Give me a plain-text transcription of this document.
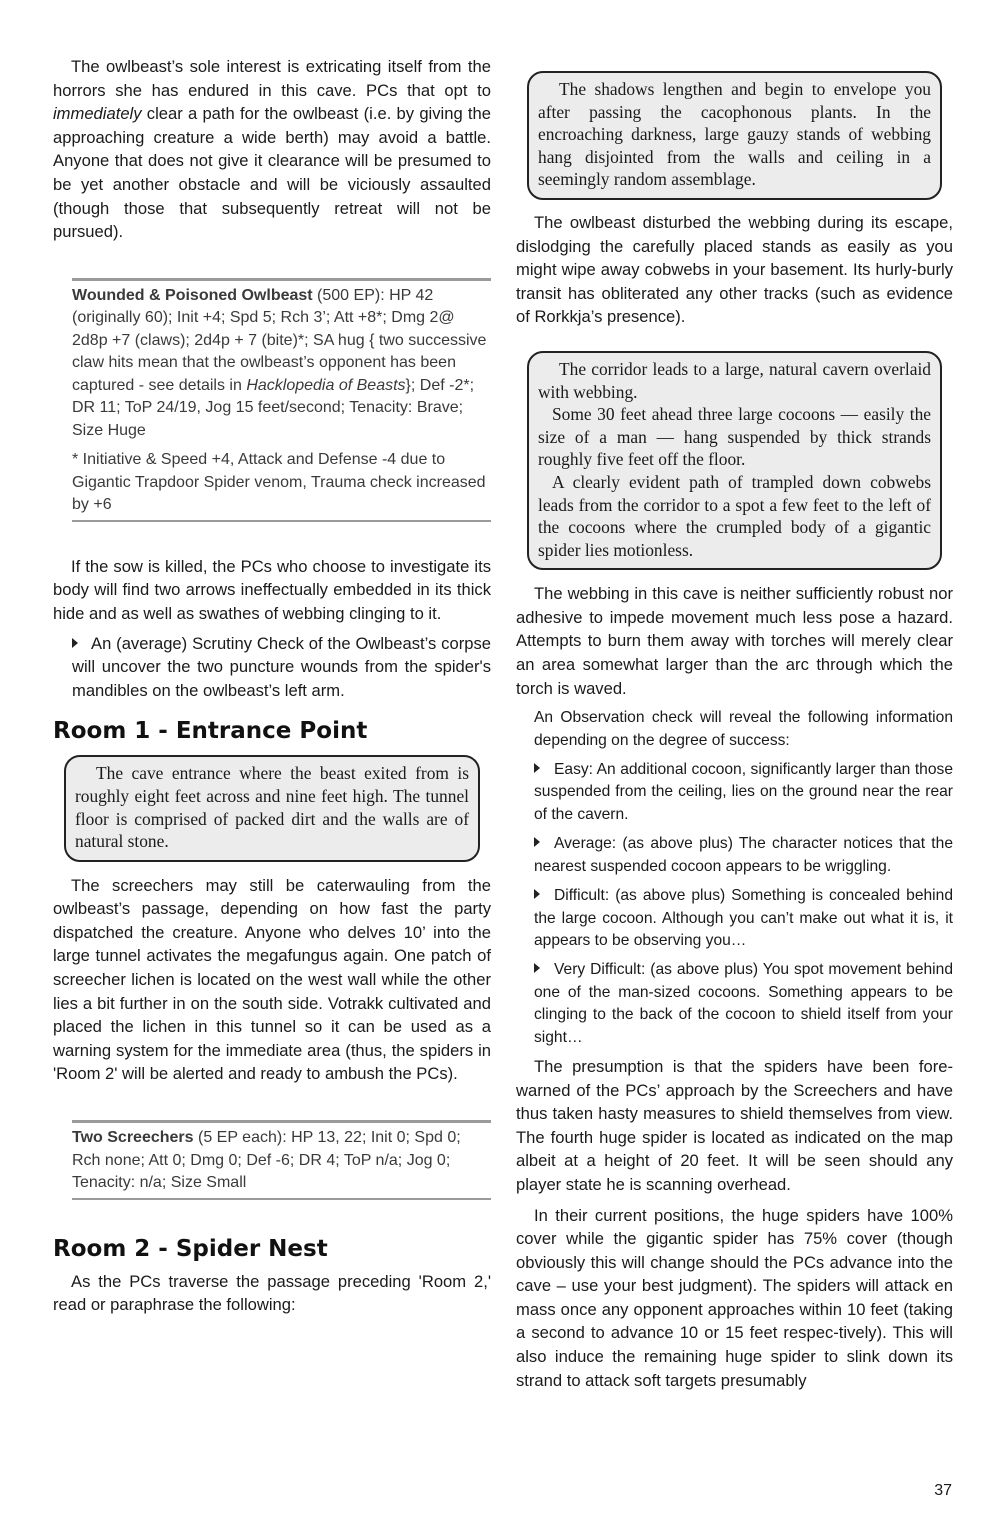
The owlbeast’s sole interest is extricating itself from the horrors she has endured in this cave. PCs that opt to immediately clear a path for the owlbeast (i.e. by giving the approaching creature a wide berth) may avoid a battle. Anyone that does not give it clearance will be presumed to be yet another obstacle and will be viciously assaulted (though those that subsequently retreat will not be pursued).

Wounded & Poisoned Owlbeast (500 EP): HP 42 (originally 60); Init +4; Spd 5; Rch 3’; Att +8*; Dmg 2@ 2d8p +7 (claws); 2d4p + 7 (bite)*; SA hug { two successive claw hits mean that the owlbeast’s opponent has been captured - see details in Hacklopedia of Beasts}; Def -2*; DR 11; ToP 24/19, Jog 15 feet/second; Tenacity: Brave; Size Huge

* Initiative & Speed +4, Attack and Defense -4 due to Gigantic Trapdoor Spider venom, Trauma check increased by +6

If the sow is killed, the PCs who choose to investigate its body will find two arrows ineffectually embedded in its thick hide and as well as swathes of webbing clinging to it.

An (average) Scrutiny Check of the Owlbeast’s corpse will uncover the two puncture wounds from the spider's mandibles on the owlbeast’s left arm.

Room 1 - Entrance Point

The cave entrance where the beast exited from is roughly eight feet across and nine feet high. The tunnel floor is comprised of packed dirt and the walls are of natural stone.

The screechers may still be caterwauling from the owlbeast’s passage, depending on how fast the party dispatched the creature. Anyone who delves 10’ into the large tunnel activates the megafungus again. One patch of screecher lichen is located on the west wall while the other lies a bit further in on the south side. Votrakk cultivated and placed the lichen in this tunnel so it can be used as a warning system for the immediate area (thus, the spiders in 'Room 2' will be alerted and ready to ambush the PCs).

Two Screechers (5 EP each): HP 13, 22; Init 0; Spd 0; Rch none; Att 0; Dmg 0; Def -6; DR 4; ToP n/a; Jog 0; Tenacity: n/a; Size Small

Room 2 - Spider Nest

As the PCs traverse the passage preceding 'Room 2,' read or paraphrase the following:

The shadows lengthen and begin to envelope you after passing the cacophonous plants. In the encroaching darkness, large gauzy stands of webbing hang disjointed from the walls and ceiling in a seemingly random assemblage.

The owlbeast disturbed the webbing during its escape, dislodging the carefully placed stands as easily as you might wipe away cobwebs in your basement. Its hurly-burly transit has obliterated any other tracks (such as evidence of Rorkkja’s presence).

The corridor leads to a large, natural cavern overlaid with webbing.

Some 30 feet ahead three large cocoons — easily the size of a man — hang suspended by thick strands roughly five feet off the floor.

A clearly evident path of trampled down cobwebs leads from the corridor to a spot a few feet to the left of the cocoons where the crumpled body of a gigantic spider lies motionless.

The webbing in this cave is neither sufficiently robust nor adhesive to impede movement much less pose a hazard. Attempts to burn them away with torches will merely clear an area somewhat larger than the arc through which the torch is waved.

An Observation check will reveal the following information depending on the degree of success:

Easy: An additional cocoon, significantly larger than those suspended from the ceiling, lies on the ground near the rear of the cavern.

Average: (as above plus) The character notices that the nearest suspended cocoon appears to be wriggling.

Difficult: (as above plus) Something is concealed behind the large cocoon. Although you can’t make out what it is, it appears to be observing you…

Very Difficult: (as above plus) You spot movement behind one of the man-sized cocoons. Something appears to be clinging to the back of the cocoon to shield itself from your sight…

The presumption is that the spiders have been fore-warned of the PCs’ approach by the Screechers and have thus taken hasty measures to shield themselves from view. The fourth huge spider is located as indicated on the map albeit at a height of 20 feet. It will be seen should any player state he is scanning overhead.

In their current positions, the huge spiders have 100% cover while the gigantic spider has 75% cover (though obviously this will change should the PCs advance into the cave – use your best judgment). The spiders will attack en mass once any opponent approaches within 10 feet (taking a second to advance 10 or 15 feet respec-tively). This will also induce the remaining huge spider to slink down its strand to attack soft targets presumably

37
